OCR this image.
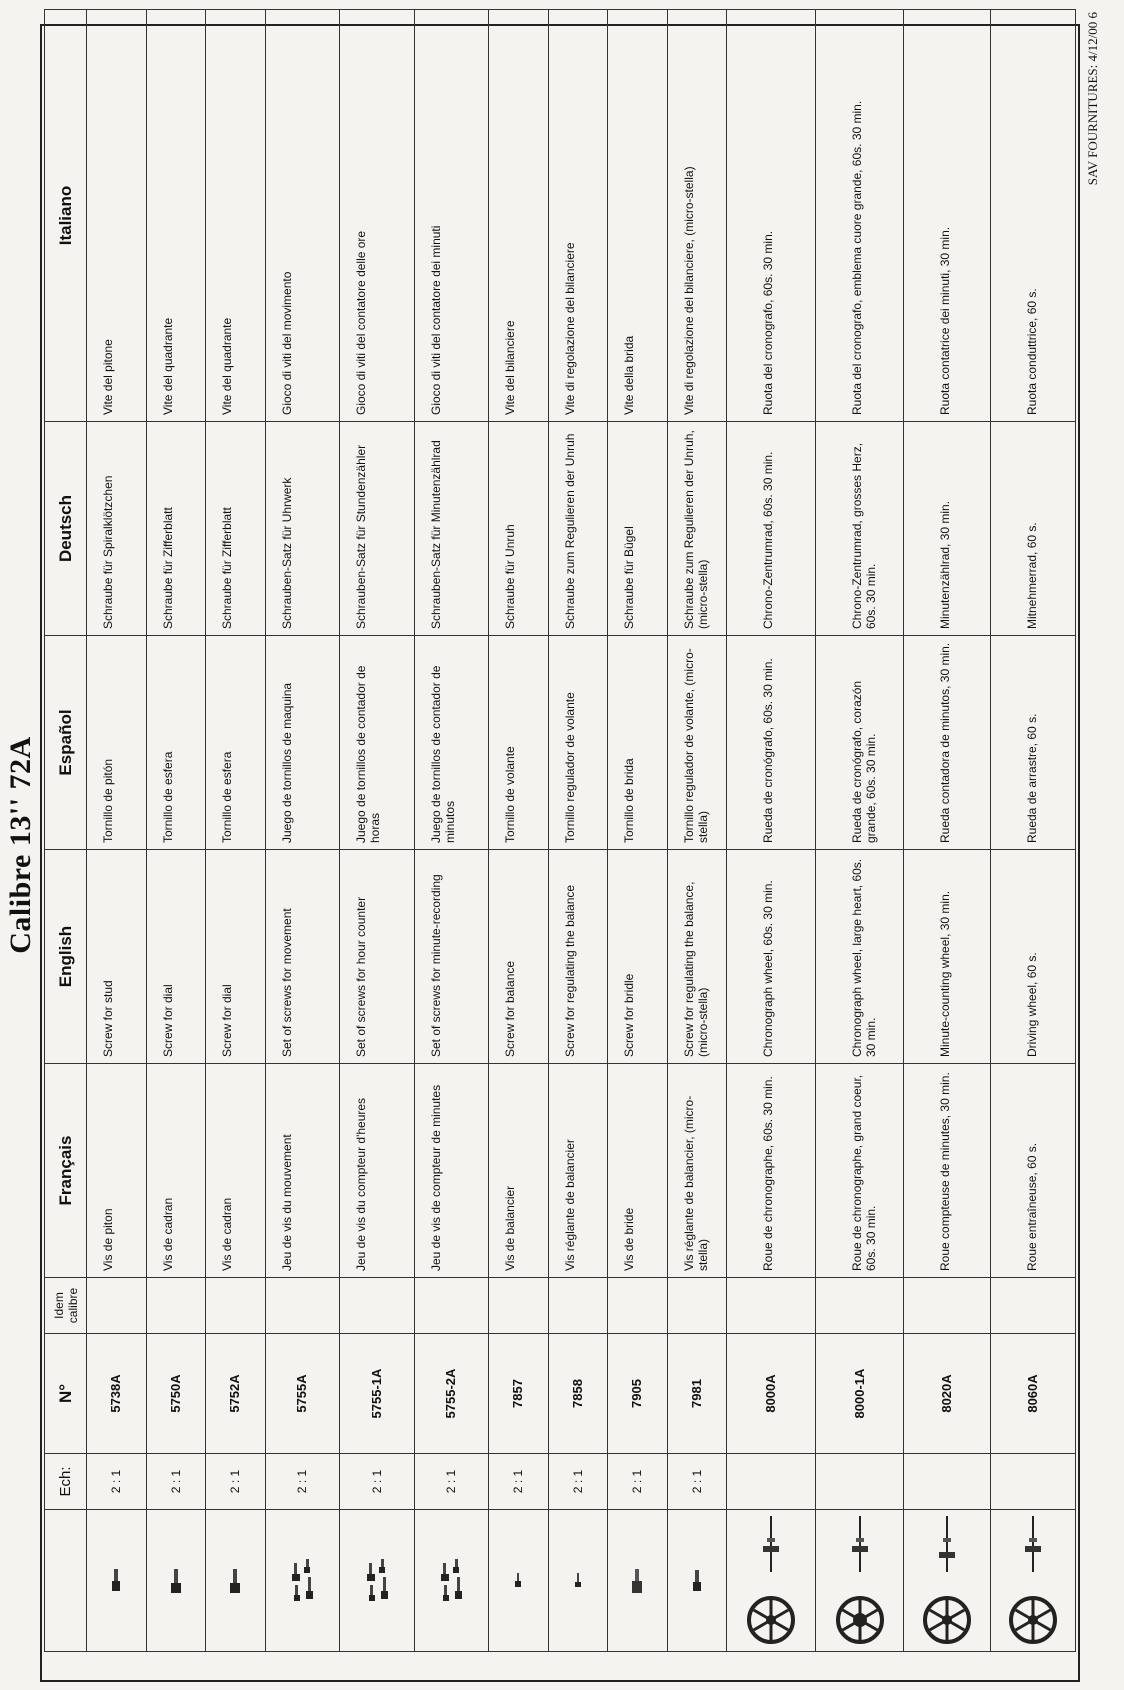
Calibre 13'' 72A
	Ech:	N°	Idem calibre	Français	English	Español	Deutsch	Italiano

	2 : 1	5738A		Vis de piton	Screw for stud	Tornillo de pitón	Schraube für Spiralklötzchen	Vite del pitone

	2 : 1	5750A		Vis de cadran	Screw for dial	Tornillo de esfera	Schraube für Zifferblatt	Vite del quadrante

	2 : 1	5752A		Vis de cadran	Screw for dial	Tornillo de esfera	Schraube für Zifferblatt	Vite del quadrante

	2 : 1	5755A		Jeu de vis du mouvement	Set of screws for movement	Juego de tornillos de maquina	Schrauben-Satz für Uhrwerk	Gioco di viti del movimento

	2 : 1	5755-1A		Jeu de vis du compteur d'heures	Set of screws for hour counter	Juego de tornillos de contador de horas	Schrauben-Satz für Stundenzähler	Gioco di viti del contatore delle ore

	2 : 1	5755-2A		Jeu de vis de compteur de minutes	Set of screws for minute-recording	Juego de tornillos de contador de minutos	Schrauben-Satz für Minutenzählrad	Gioco di viti del contatore dei minuti

	2 : 1	7857		Vis de balancier	Screw for balance	Tornillo de volante	Schraube für Unruh	Vite del bilanciere

	2 : 1	7858		Vis réglante de balancier	Screw for regulating the balance	Tornillo regulador de volante	Schraube zum Regulieren der Unruh	Vite di regolazione del bilanciere

	2 : 1	7905		Vis de bride	Screw for bridle	Tornillo de brida	Schraube für Bügel	Vite della brida

	2 : 1	7981		Vis réglante de balancier, (micro-stella)	Screw for regulating the balance, (micro-stella)	Tornillo regulador de volante, (micro-stella)	Schraube zum Regulieren der Unruh, (micro-stella)	Vite di regolazione del bilanciere, (micro-stella)

		8000A		Roue de chronographe, 60s. 30 min.	Chronograph wheel, 60s. 30 min.	Rueda de cronógrafo, 60s. 30 min.	Chrono-Zentrumrad, 60s. 30 min.	Ruota del cronografo, 60s. 30 min.

		8000-1A		Roue de chronographe, grand coeur, 60s. 30 min.	Chronograph wheel, large heart, 60s. 30 min.	Rueda de cronógrafo, corazón grande, 60s. 30 min.	Chrono-Zentrumrad, grosses Herz, 60s. 30 min.	Ruota del cronografo, emblema cuore grande, 60s. 30 min.

		8020A		Roue compteuse de minutes, 30 min.	Minute-counting wheel, 30 min.	Rueda contadora de minutos, 30 min.	Minutenzählrad, 30 min.	Ruota contatrice dei minuti, 30 min.

		8060A		Roue entraîneuse, 60 s.	Driving wheel, 60 s.	Rueda de arrastre, 60 s.	Mitnehmerrad, 60 s.	Ruota conduttrice, 60 s.
SAV FOURNITURES: 4/12/00 6
